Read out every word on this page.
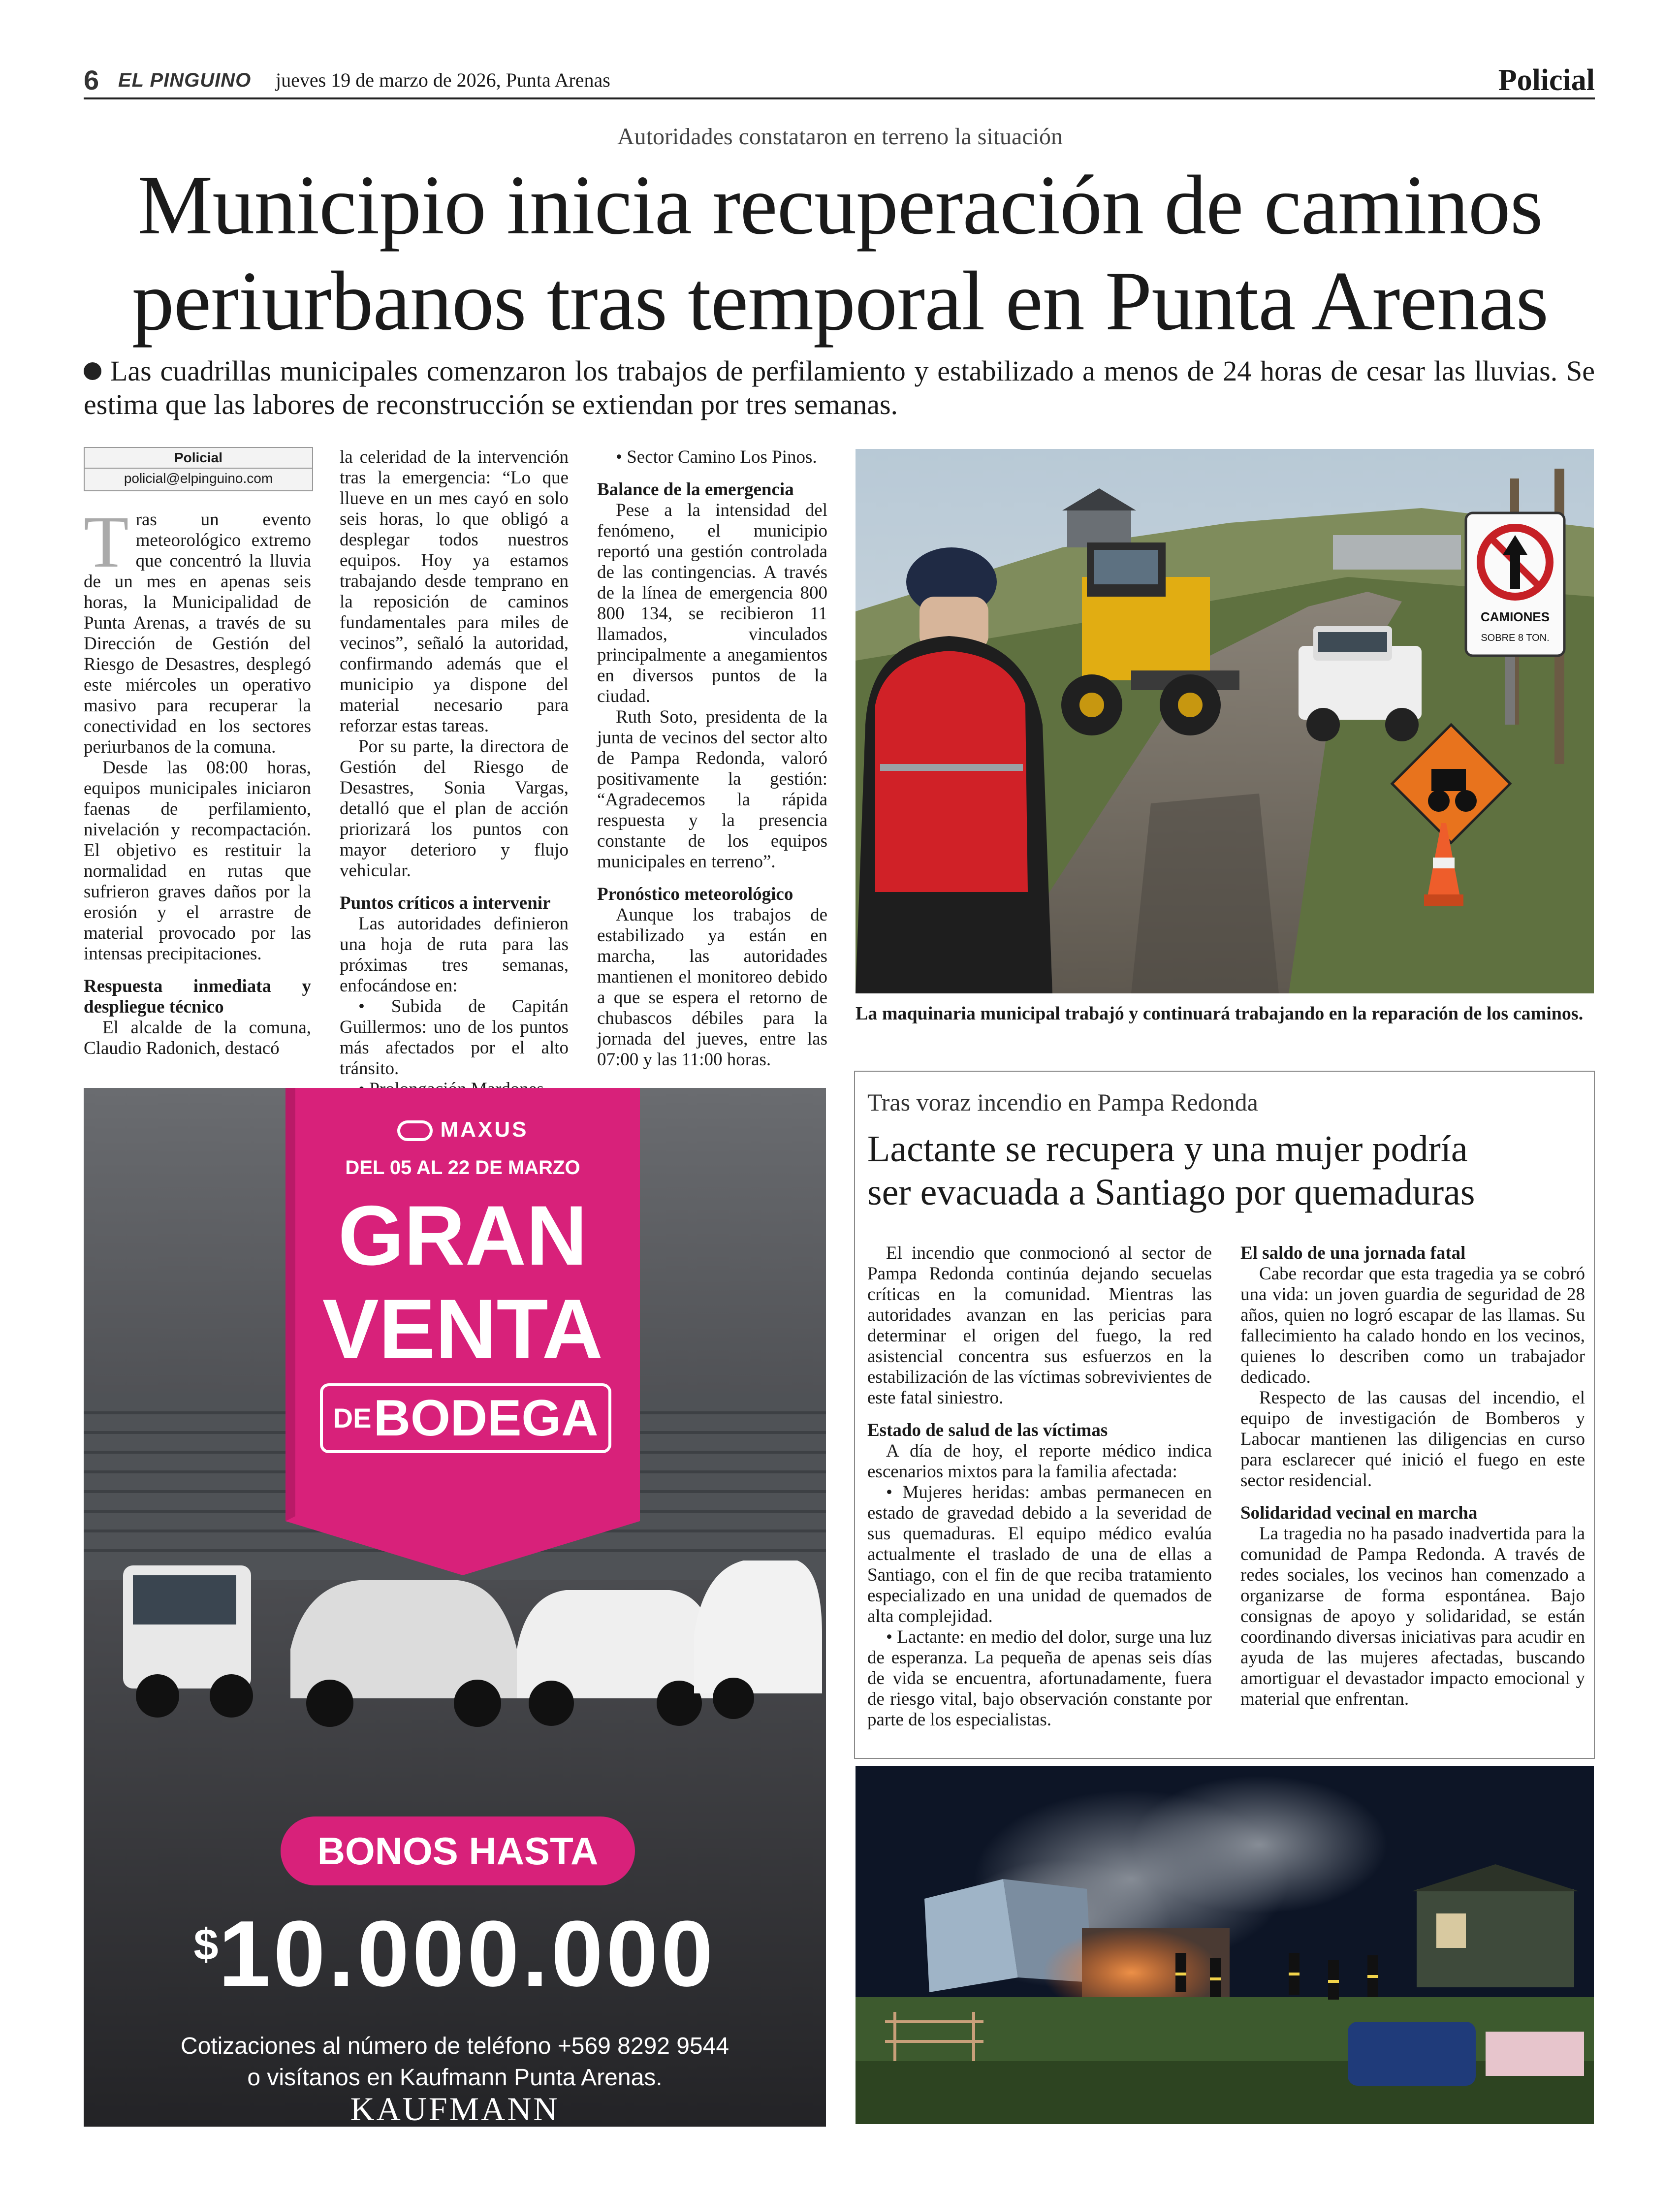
6 EL PINGUINO jueves 19 de marzo de 2026, Punta Arenas	Policial
Autoridades constataron en terreno la situación
Municipio inicia recuperación de caminos
periurbanos tras temporal en Punta Arenas
Las cuadrillas municipales comenzaron los trabajos de perfilamiento y estabilizado a menos de 24 horas de cesar las lluvias. Se estima que las labores de reconstrucción se extiendan por tres semanas.
Policial
policial@elpinguino.com

Tras un evento meteorológico extremo que concentró la lluvia de un mes en apenas seis horas, la Municipalidad de Punta Arenas, a través de su Dirección de Gestión del Riesgo de Desastres, desplegó este miércoles un operativo masivo para recuperar la conectividad en los sectores periurbanos de la comuna.

Desde las 08:00 horas, equipos municipales iniciaron faenas de perfilamiento, nivelación y recompactación. El objetivo es restituir la normalidad en rutas que sufrieron graves daños por la erosión y el arrastre de material provocado por las intensas precipitaciones.

Respuesta inmediata y despliegue técnico

El alcalde de la comuna, Claudio Radonich, destacó

la celeridad de la intervención tras la emergencia: “Lo que llueve en un mes cayó en solo seis horas, lo que obligó a desplegar todos nuestros equipos. Hoy ya estamos trabajando desde temprano en la reposición de caminos fundamentales para miles de vecinos”, señaló la autoridad, confirmando además que el municipio ya dispone del material necesario para reforzar estas tareas.

Por su parte, la directora de Gestión del Riesgo de Desastres, Sonia Vargas, detalló que el plan de acción priorizará los puntos con mayor deterioro y flujo vehicular.

Puntos críticos a intervenir

Las autoridades definieron una hoja de ruta para las próximas tres semanas, enfocándose en:

• Subida de Capitán Guillermos: uno de los puntos más afectados por el alto tránsito.

• Sector Camino Los Pinos.

Balance de la emergencia

Pese a la intensidad del fenómeno, el municipio reportó una gestión controlada de las contingencias. A través de la línea de emergencia 800 800 134, se recibieron 11 llamados, vinculados principalmente a anegamientos en diversos puntos de la ciudad.

Ruth Soto, presidenta de la junta de vecinos del sector alto de Pampa Redonda, valoró positivamente la gestión: “Agradecemos la rápida respuesta y la presencia constante de los equipos municipales en terreno”.

Pronóstico meteorológico

Aunque los trabajos de estabilizado ya están en marcha, las autoridades mantienen el monitoreo debido a que se espera el retorno de chubascos débiles para la jornada del jueves, entre las 07:00 y las 11:00 horas.

CAMIONES
SOBRE 8 TON.
La maquinaria municipal trabajó y continuará trabajando en la reparación de los caminos.
MAXUS
DEL 05 AL 22 DE MARZO
GRAN
VENTA
DE BODEGA
BONOS HASTA
$10.000.000
Cotizaciones al número de teléfono +569 8292 9544
o visítanos en Kaufmann Punta Arenas.
KAUFMANN
Tras voraz incendio en Pampa Redonda
Lactante se recupera y una mujer podría
ser evacuada a Santiago por quemaduras

El incendio que conmocionó al sector de Pampa Redonda continúa dejando secuelas críticas en la comunidad. Mientras las autoridades avanzan en las pericias para determinar el origen del fuego, la red asistencial concentra sus esfuerzos en la estabilización de las víctimas sobrevivientes de este fatal siniestro.

Estado de salud de las víctimas

A día de hoy, el reporte médico indica escenarios mixtos para la familia afectada:

• Mujeres heridas: ambas permanecen en estado de gravedad debido a la severidad de sus quemaduras. El equipo médico evalúa actualmente el traslado de una de ellas a Santiago, con el fin de que reciba tratamiento especializado en una unidad de quemados de alta complejidad.

• Lactante: en medio del dolor, surge una luz de esperanza. La pequeña de apenas seis días de vida se encuentra, afortunadamente, fuera de riesgo vital, bajo observación constante por parte de los especialistas.

El saldo de una jornada fatal

Cabe recordar que esta tragedia ya se cobró una vida: un joven guardia de seguridad de 28 años, quien no logró escapar de las llamas. Su fallecimiento ha calado hondo en los vecinos, quienes lo describen como un trabajador dedicado.

Respecto de las causas del incendio, el equipo de investigación de Bomberos y Labocar mantienen las diligencias en curso para esclarecer qué inició el fuego en este sector residencial.

Solidaridad vecinal en marcha

La tragedia no ha pasado inadvertida para la comunidad de Pampa Redonda. A través de redes sociales, los vecinos han comenzado a organizarse de forma espontánea. Bajo consignas de apoyo y solidaridad, se están coordinando diversas iniciativas para acudir en ayuda de las mujeres afectadas, buscando amortiguar el devastador impacto emocional y material que enfrentan.
